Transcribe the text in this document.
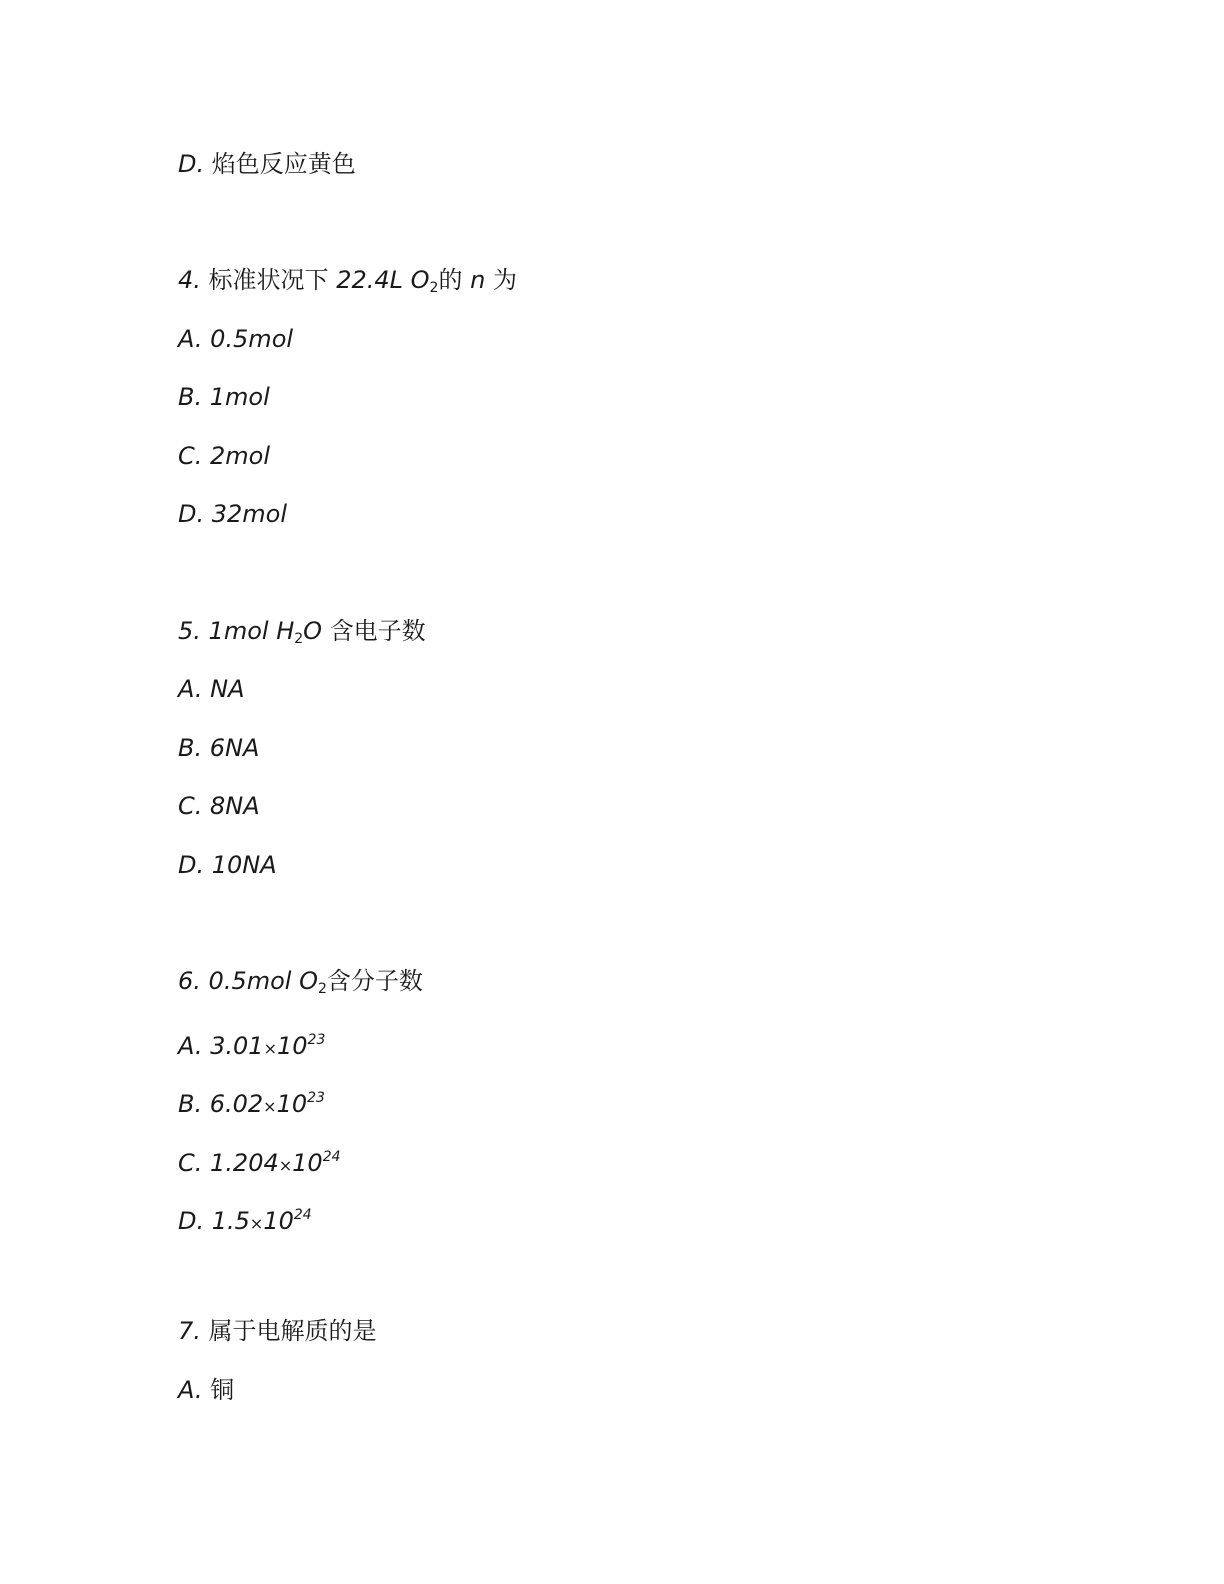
D. 焰色反应黄色
4. 标准状况下 22.4L $O_2$的 n 为
A. 0.5mol
B. 1mol
C. 2mol
D. 32mol
5. 1mol $H_2O$ 含电子数
A. NA
B. 6NA
C. 8NA
D. 10NA
6. 0.5mol $O_2$含分子数
A. $3.01\times 10^{23}$
B. $6.02\times 10^{23}$
C. $1.204\times 10^{24}$
D. $1.5\times 10^{24}$
7. 属于电解质的是
A. 铜
